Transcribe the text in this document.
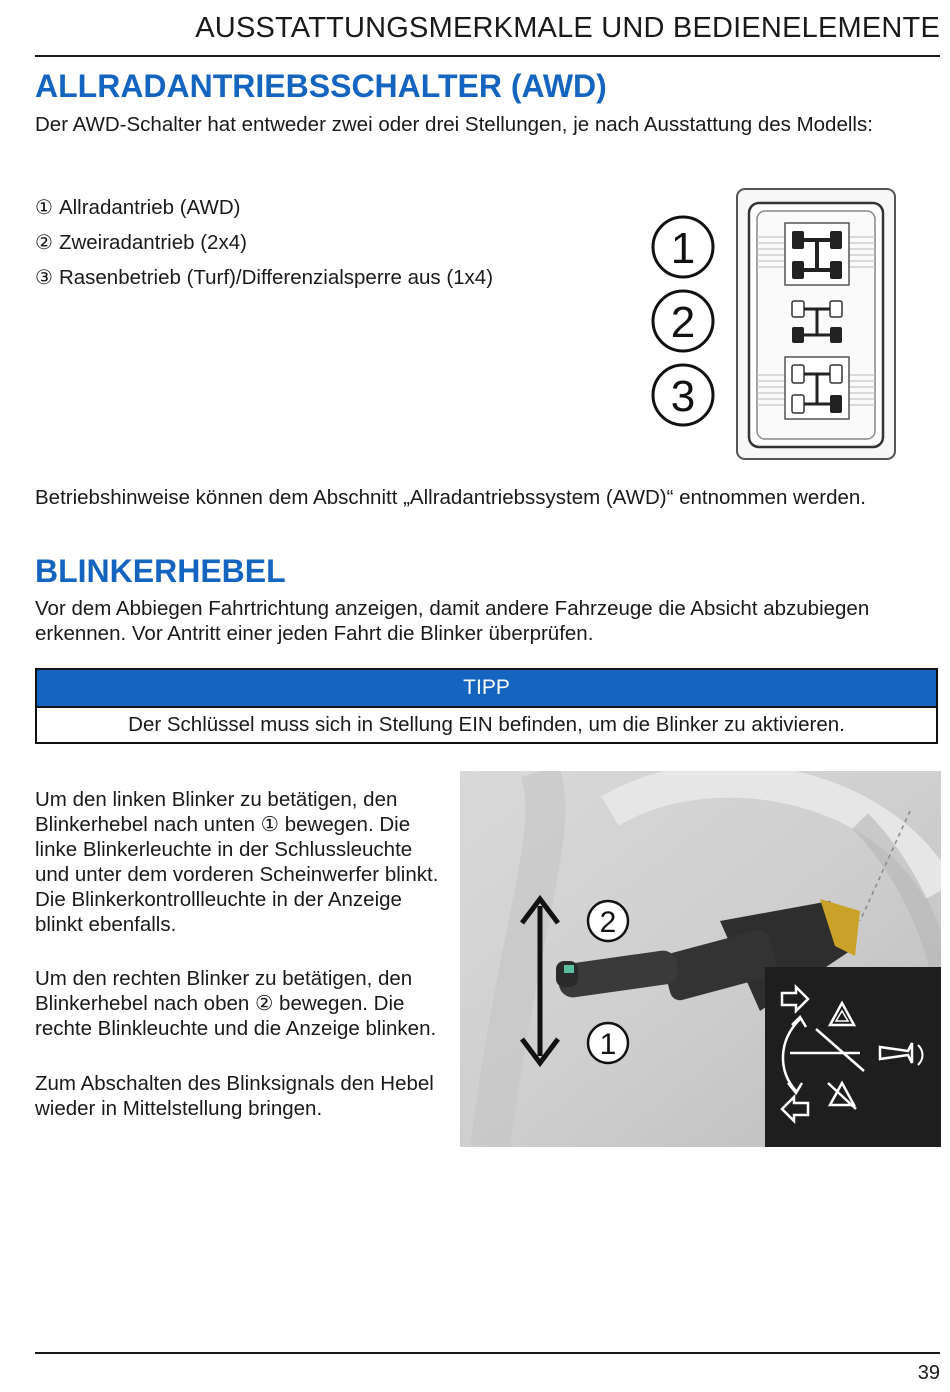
AUSSTATTUNGSMERKMALE UND BEDIENELEMENTE
ALLRADANTRIEBSSCHALTER (AWD)
Der AWD-Schalter hat entweder zwei oder drei Stellungen, je nach Ausstattung des Modells:
① Allradantrieb (AWD)
② Zweiradantrieb (2x4)
③ Rasenbetrieb (Turf)/Differenzialsperre aus (1x4)
1
2
3
Betriebshinweise können dem Abschnitt „Allradantriebssystem (AWD)“ entnommen werden.
BLINKERHEBEL
Vor dem Abbiegen Fahrtrichtung anzeigen, damit andere Fahrzeuge die Absicht abzubiegen erkennen. Vor Antritt einer jeden Fahrt die Blinker überprüfen.
TIPP
Der Schlüssel muss sich in Stellung EIN befinden, um die Blinker zu aktivieren.
Um den linken Blinker zu betätigen, den Blinkerhebel nach unten ① bewegen. Die linke Blinkerleuchte in der Schlussleuchte und unter dem vorderen Scheinwerfer blinkt. Die Blinkerkontrollleuchte in der Anzeige blinkt ebenfalls.
Um den rechten Blinker zu betätigen, den Blinkerhebel nach oben ② bewegen. Die rechte Blinkleuchte und die Anzeige blinken.
Zum Abschalten des Blinksignals den Hebel wieder in Mittelstellung bringen.
2
1
39
